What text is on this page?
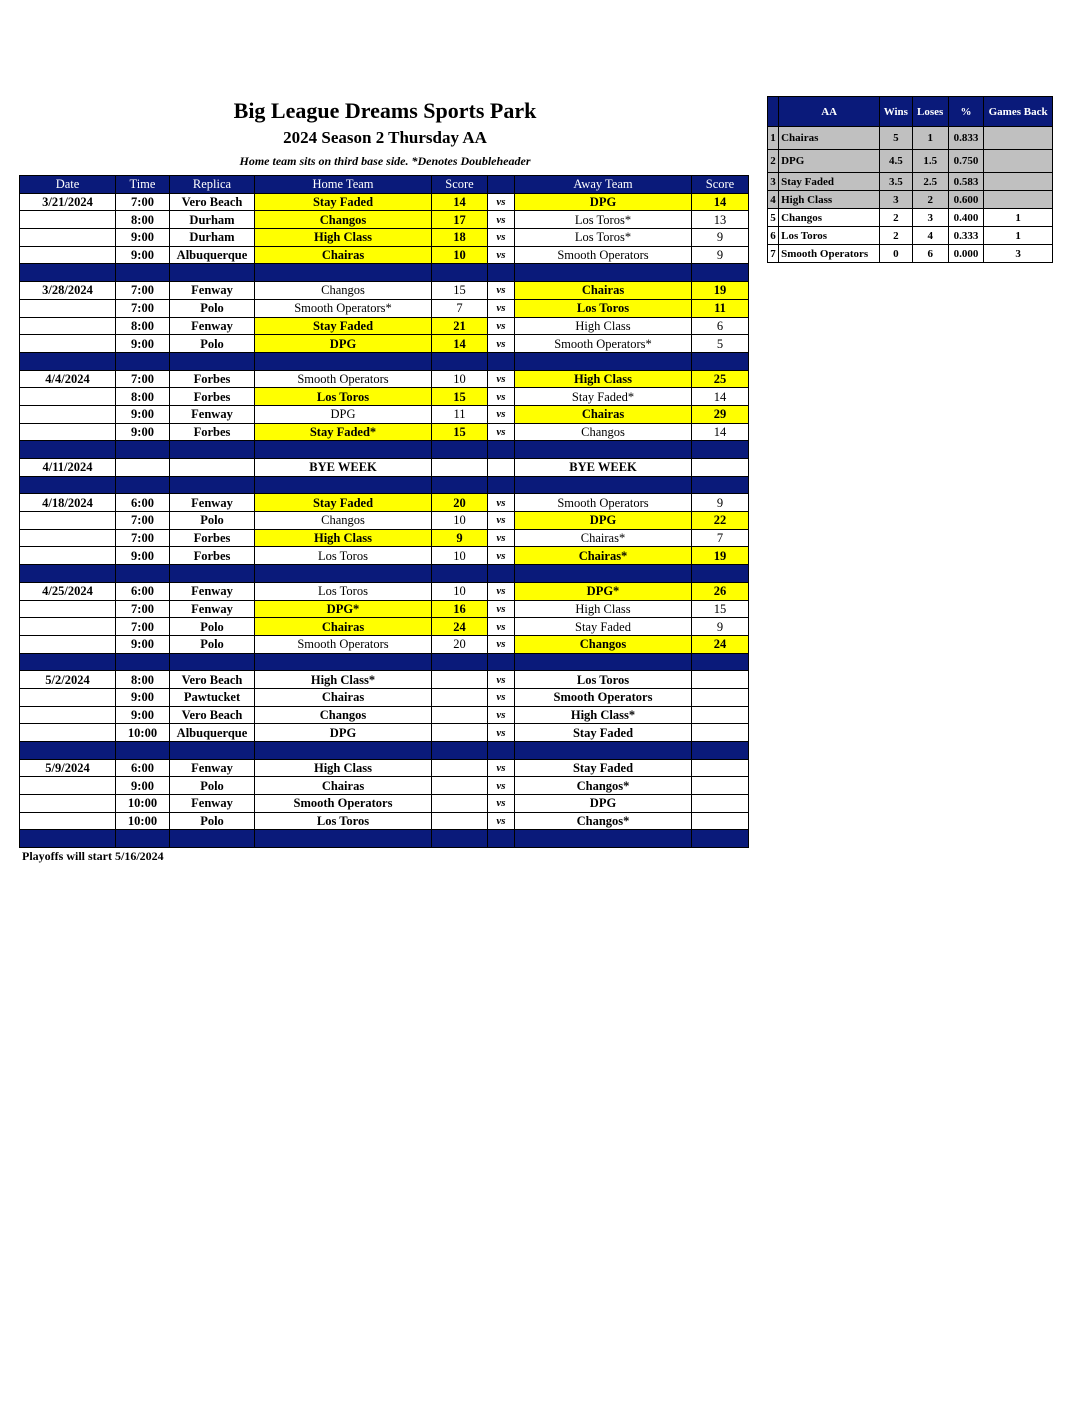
Big League Dreams Sports Park
2024 Season 2 Thursday AA
Home team sits on third base side. *Denotes Doubleheader
Date	Time	Replica	Home Team	Score		Away Team	Score
3/21/2024	7:00	Vero Beach	Stay Faded	14	vs	DPG	14
	8:00	Durham	Changos	17	vs	Los Toros*	13
	9:00	Durham	High Class	18	vs	Los Toros*	9
	9:00	Albuquerque	Chairas	10	vs	Smooth Operators	9

3/28/2024	7:00	Fenway	Changos	15	vs	Chairas	19
	7:00	Polo	Smooth Operators*	7	vs	Los Toros	11
	8:00	Fenway	Stay Faded	21	vs	High Class	6
	9:00	Polo	DPG	14	vs	Smooth Operators*	5

4/4/2024	7:00	Forbes	Smooth Operators	10	vs	High Class	25
	8:00	Forbes	Los Toros	15	vs	Stay Faded*	14
	9:00	Fenway	DPG	11	vs	Chairas	29
	9:00	Forbes	Stay Faded*	15	vs	Changos	14

4/11/2024			BYE WEEK			BYE WEEK	

4/18/2024	6:00	Fenway	Stay Faded	20	vs	Smooth Operators	9
	7:00	Polo	Changos	10	vs	DPG	22
	7:00	Forbes	High Class	9	vs	Chairas*	7
	9:00	Forbes	Los Toros	10	vs	Chairas*	19

4/25/2024	6:00	Fenway	Los Toros	10	vs	DPG*	26
	7:00	Fenway	DPG*	16	vs	High Class	15
	7:00	Polo	Chairas	24	vs	Stay Faded	9
	9:00	Polo	Smooth Operators	20	vs	Changos	24

5/2/2024	8:00	Vero Beach	High Class*		vs	Los Toros	
	9:00	Pawtucket	Chairas		vs	Smooth Operators	
	9:00	Vero Beach	Changos		vs	High Class*	
	10:00	Albuquerque	DPG		vs	Stay Faded	

5/9/2024	6:00	Fenway	High Class		vs	Stay Faded	
	9:00	Polo	Chairas		vs	Changos*	
	10:00	Fenway	Smooth Operators		vs	DPG	
	10:00	Polo	Los Toros		vs	Changos*	

Playoffs will start 5/16/2024
	AA	Wins	Loses	%	Games Back
1	Chairas	5	1	0.833	
2	DPG	4.5	1.5	0.750	
3	Stay Faded	3.5	2.5	0.583	
4	High Class	3	2	0.600	
5	Changos	2	3	0.400	1
6	Los Toros	2	4	0.333	1
7	Smooth Operators	0	6	0.000	3
